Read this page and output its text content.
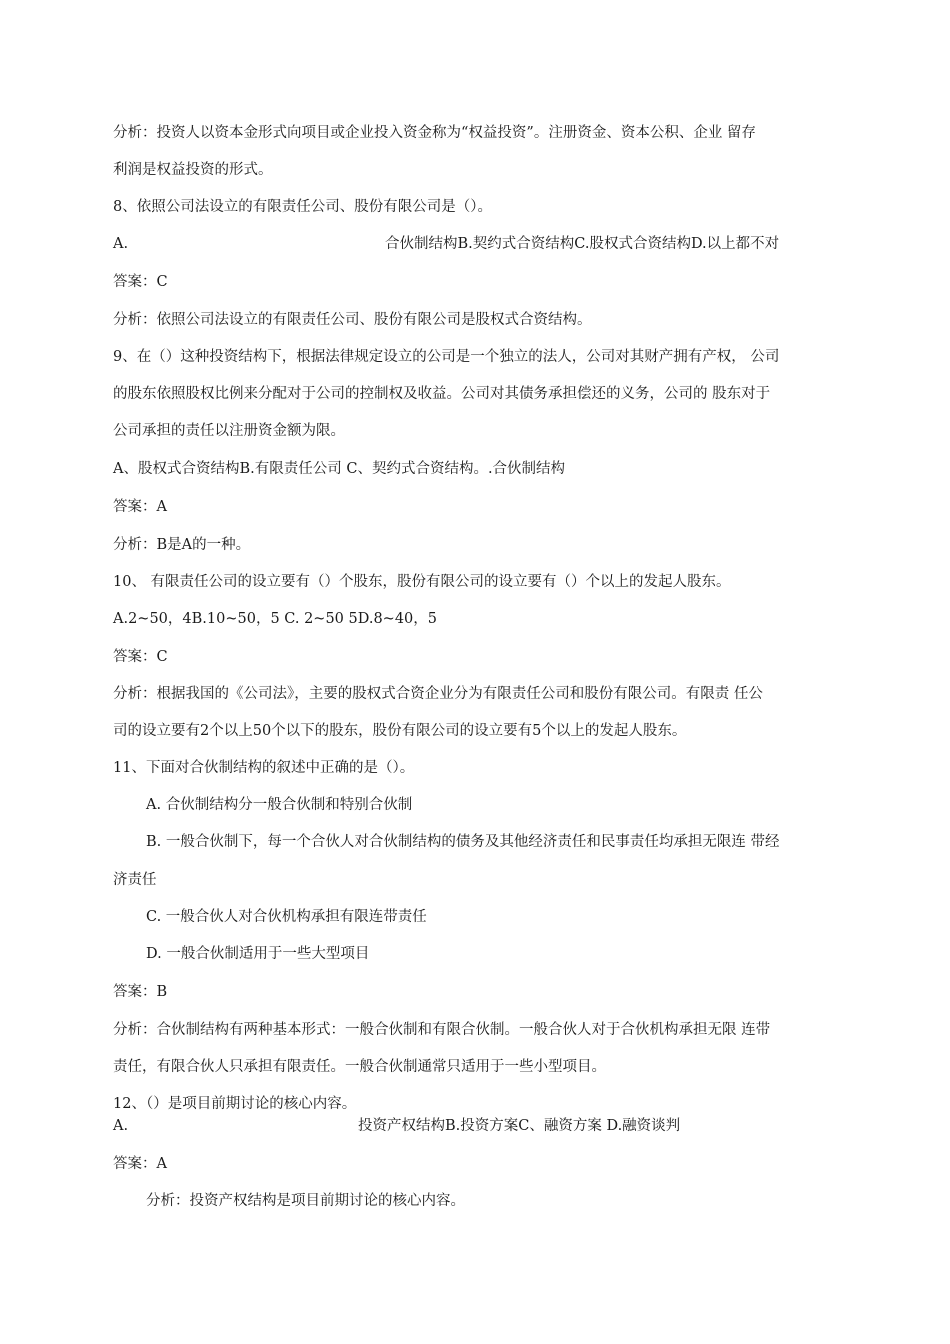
分析：投资人以资本金形式向项目或企业投入资金称为“权益投资”。注册资金、资本公积、企业 留存
利润是权益投资的形式。
8、依照公司法设立的有限责任公司、股份有限公司是（）。
A.	合伙制结构B.契约式合资结构C.股权式合资结构D.以上都不对
答案：C
分析：依照公司法设立的有限责任公司、股份有限公司是股权式合资结构。
9、在（）这种投资结构下，根据法律规定设立的公司是一个独立的法人，公司对其财产拥有产权， 公司
的股东依照股权比例来分配对于公司的控制权及收益。公司对其债务承担偿还的义务，公司的 股东对于
公司承担的责任以注册资金额为限。
A、股权式合资结构B.有限责任公司 C、契约式合资结构。.合伙制结构
答案：A
分析：B是A的一种。
10、 有限责任公司的设立要有（）个股东，股份有限公司的设立要有（）个以上的发起人股东。
A.2~50，4B.10~50，5 C. 2~50 5D.8~40，5
答案：C
分析：根据我国的《公司法》，主要的股权式合资企业分为有限责任公司和股份有限公司。有限责 任公
司的设立要有2个以上50个以下的股东，股份有限公司的设立要有5个以上的发起人股东。
11、下面对合伙制结构的叙述中正确的是（）。
A. 合伙制结构分一般合伙制和特别合伙制
B. 一般合伙制下，每一个合伙人对合伙制结构的债务及其他经济责任和民事责任均承担无限连 带经
济责任
C. 一般合伙人对合伙机构承担有限连带责任
D. 一般合伙制适用于一些大型项目
答案：B
分析：合伙制结构有两种基本形式：一般合伙制和有限合伙制。一般合伙人对于合伙机构承担无限 连带
责任，有限合伙人只承担有限责任。一般合伙制通常只适用于一些小型项目。
12、（）是项目前期讨论的核心内容。
A.	投资产权结构B.投资方案C、融资方案 D.融资谈判
答案：A
分析：投资产权结构是项目前期讨论的核心内容。
